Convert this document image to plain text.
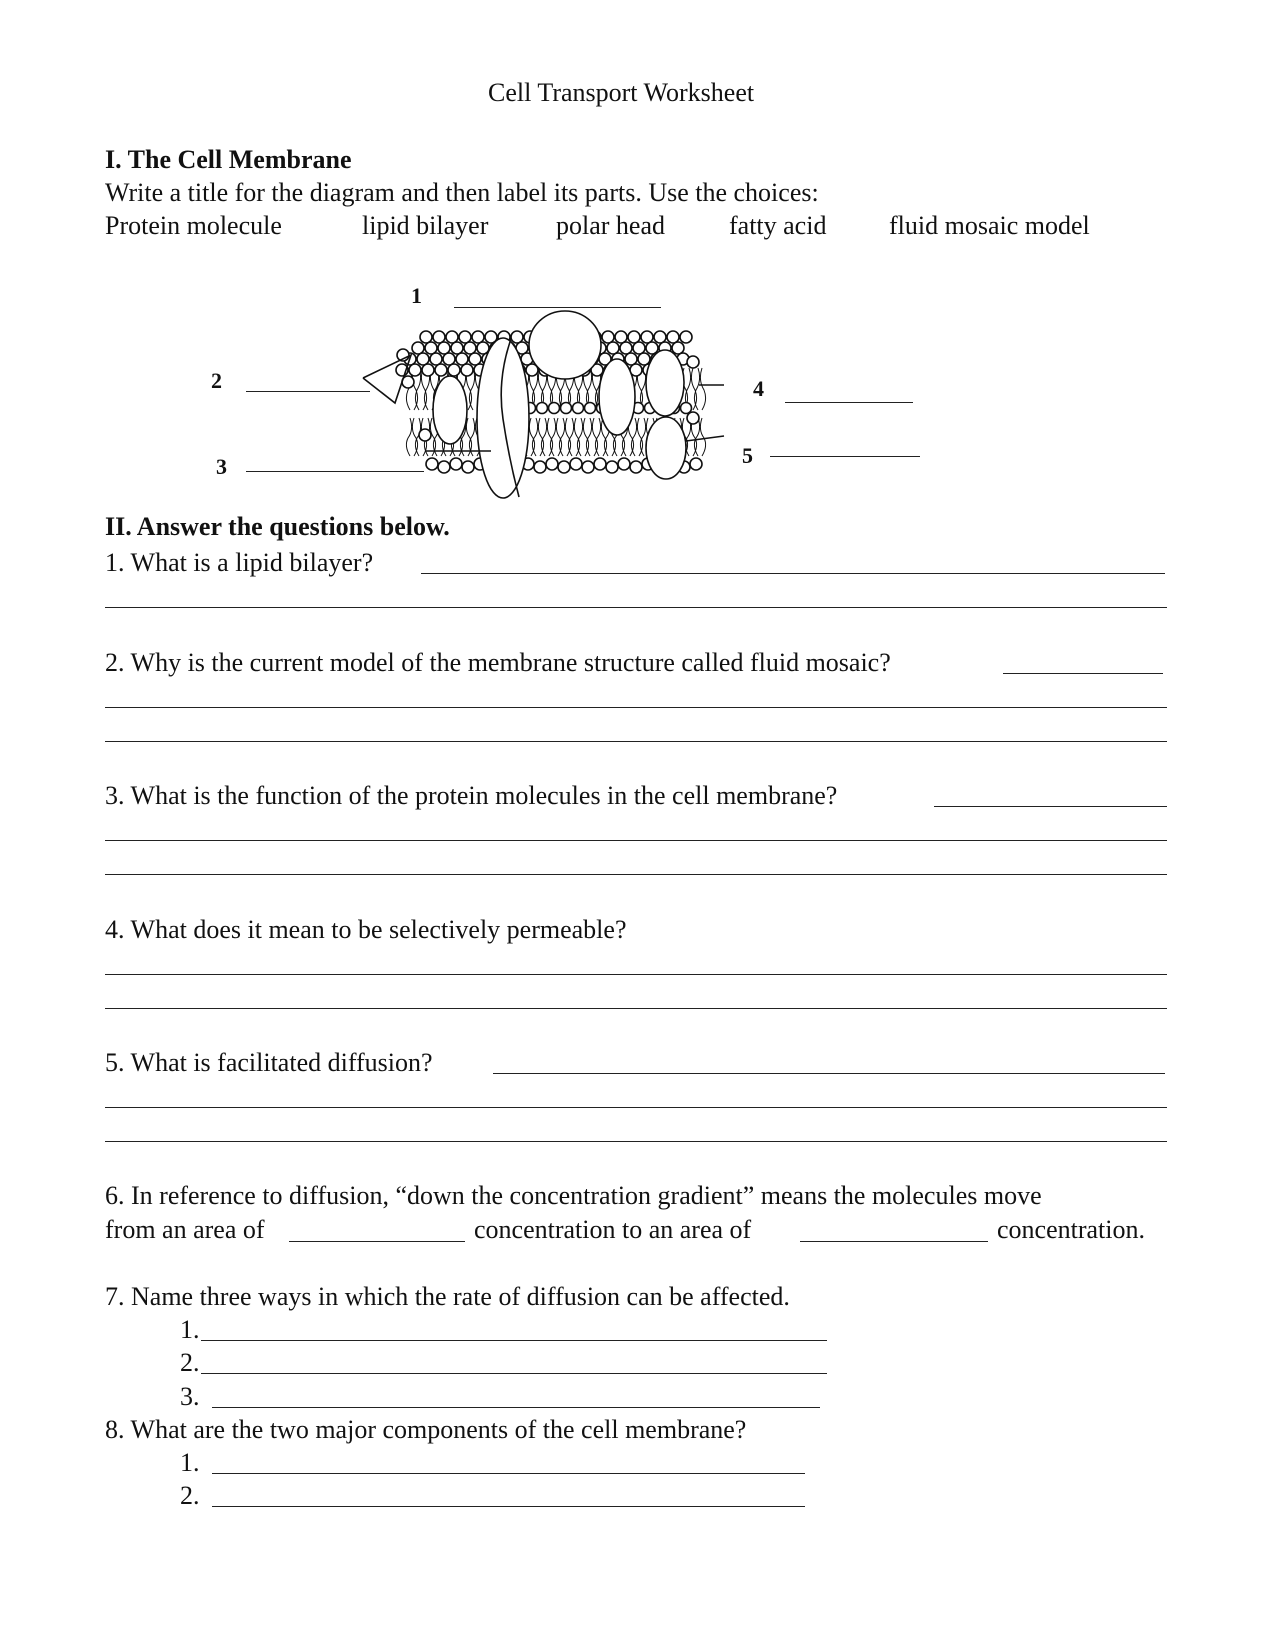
Cell Transport Worksheet
I. The Cell Membrane
Write a title for the diagram and then label its parts. Use the choices:
Protein molecule	lipid bilayer	polar head fatty acid fluid mosaic model
1
2
3
4
5
II. Answer the questions below.
1. What is a lipid bilayer?
2. Why is the current model of the membrane structure called fluid mosaic?
3. What is the function of the protein molecules in the cell membrane?
4. What does it mean to be selectively permeable?
5. What is facilitated diffusion?
6. In reference to diffusion, “down the concentration gradient” means the molecules move
from an area of	concentration to an area of	concentration.
7. Name three ways in which the rate of diffusion can be affected.
1.
2.
3.
8. What are the two major components of the cell membrane?
1.
2.
